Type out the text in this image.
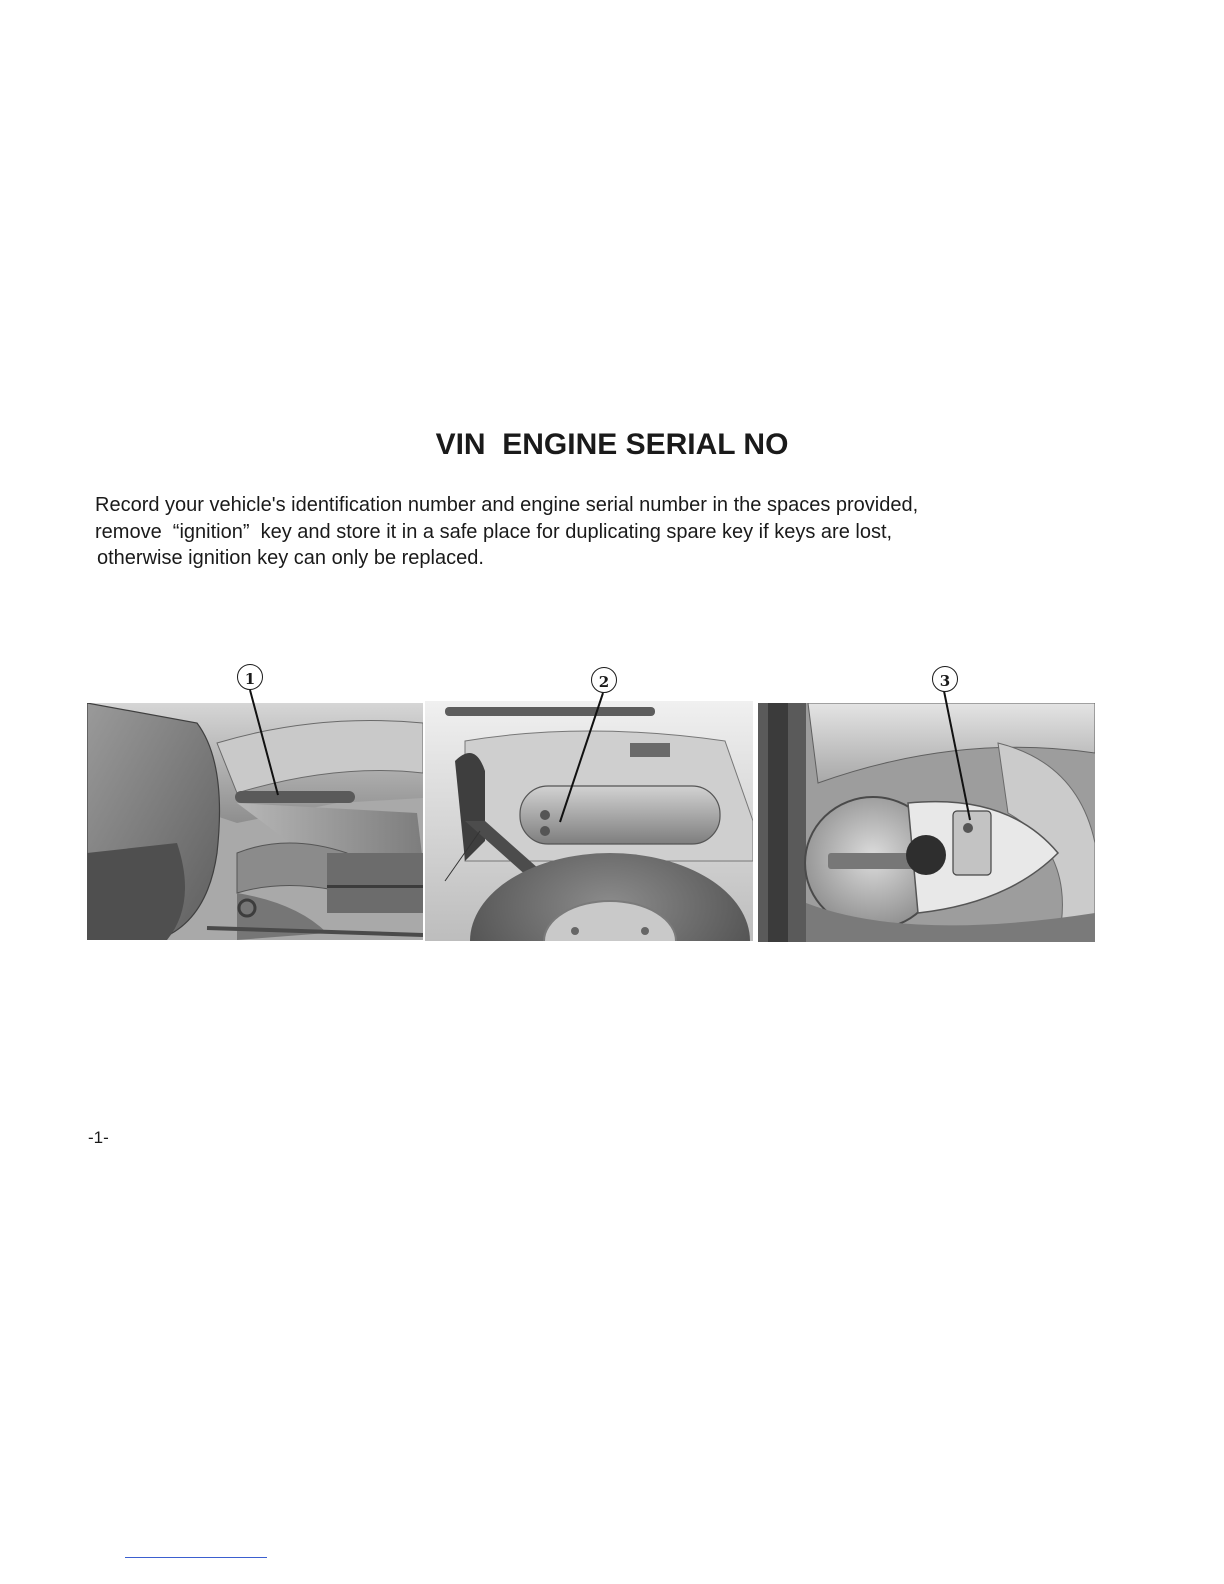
VIN  ENGINE SERIAL NO
Record your vehicle's identification number and engine serial number in the spaces provided,
remove  “ignition”  key and store it in a safe place for duplicating spare key if keys are lost,
otherwise ignition key can only be replaced.
1	2	3
-1-
